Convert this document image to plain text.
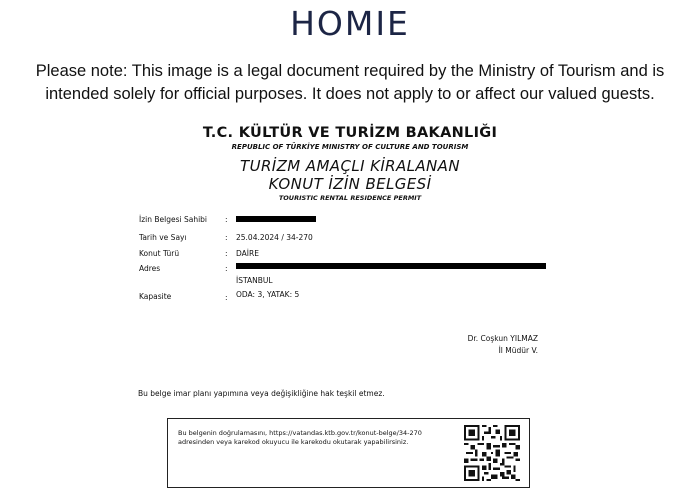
HOMIE
Please note: This image is a legal document required by the Ministry of Tourism and is intended solely for official purposes. It does not apply to or affect our valued guests.
T.C. KÜLTÜR VE TURİZM BAKANLIĞI
REPUBLIC OF TÜRKİYE MINISTRY OF CULTURE AND TOURISM
TURİZM AMAÇLI KİRALANAN
KONUT İZİN BELGESİ
TOURISTIC RENTAL RESIDENCE PERMIT
İzin Belgesi Sahibi :
Tarih ve Sayı	: 25.04.2024 / 34-270
Konut Türü	: DAİRE
Adres	:
İSTANBUL
Kapasite	: ODA: 3, YATAK: 5
Dr. Coşkun YILMAZ
İl Müdür V.
Bu belge imar planı yapımına veya değişikliğine hak teşkil etmez.
Bu belgenin doğrulamasını, https://vatandas.ktb.gov.tr/konut-belge/34-270 adresinden veya karekod okuyucu ile karekodu okutarak yapabilirsiniz.
